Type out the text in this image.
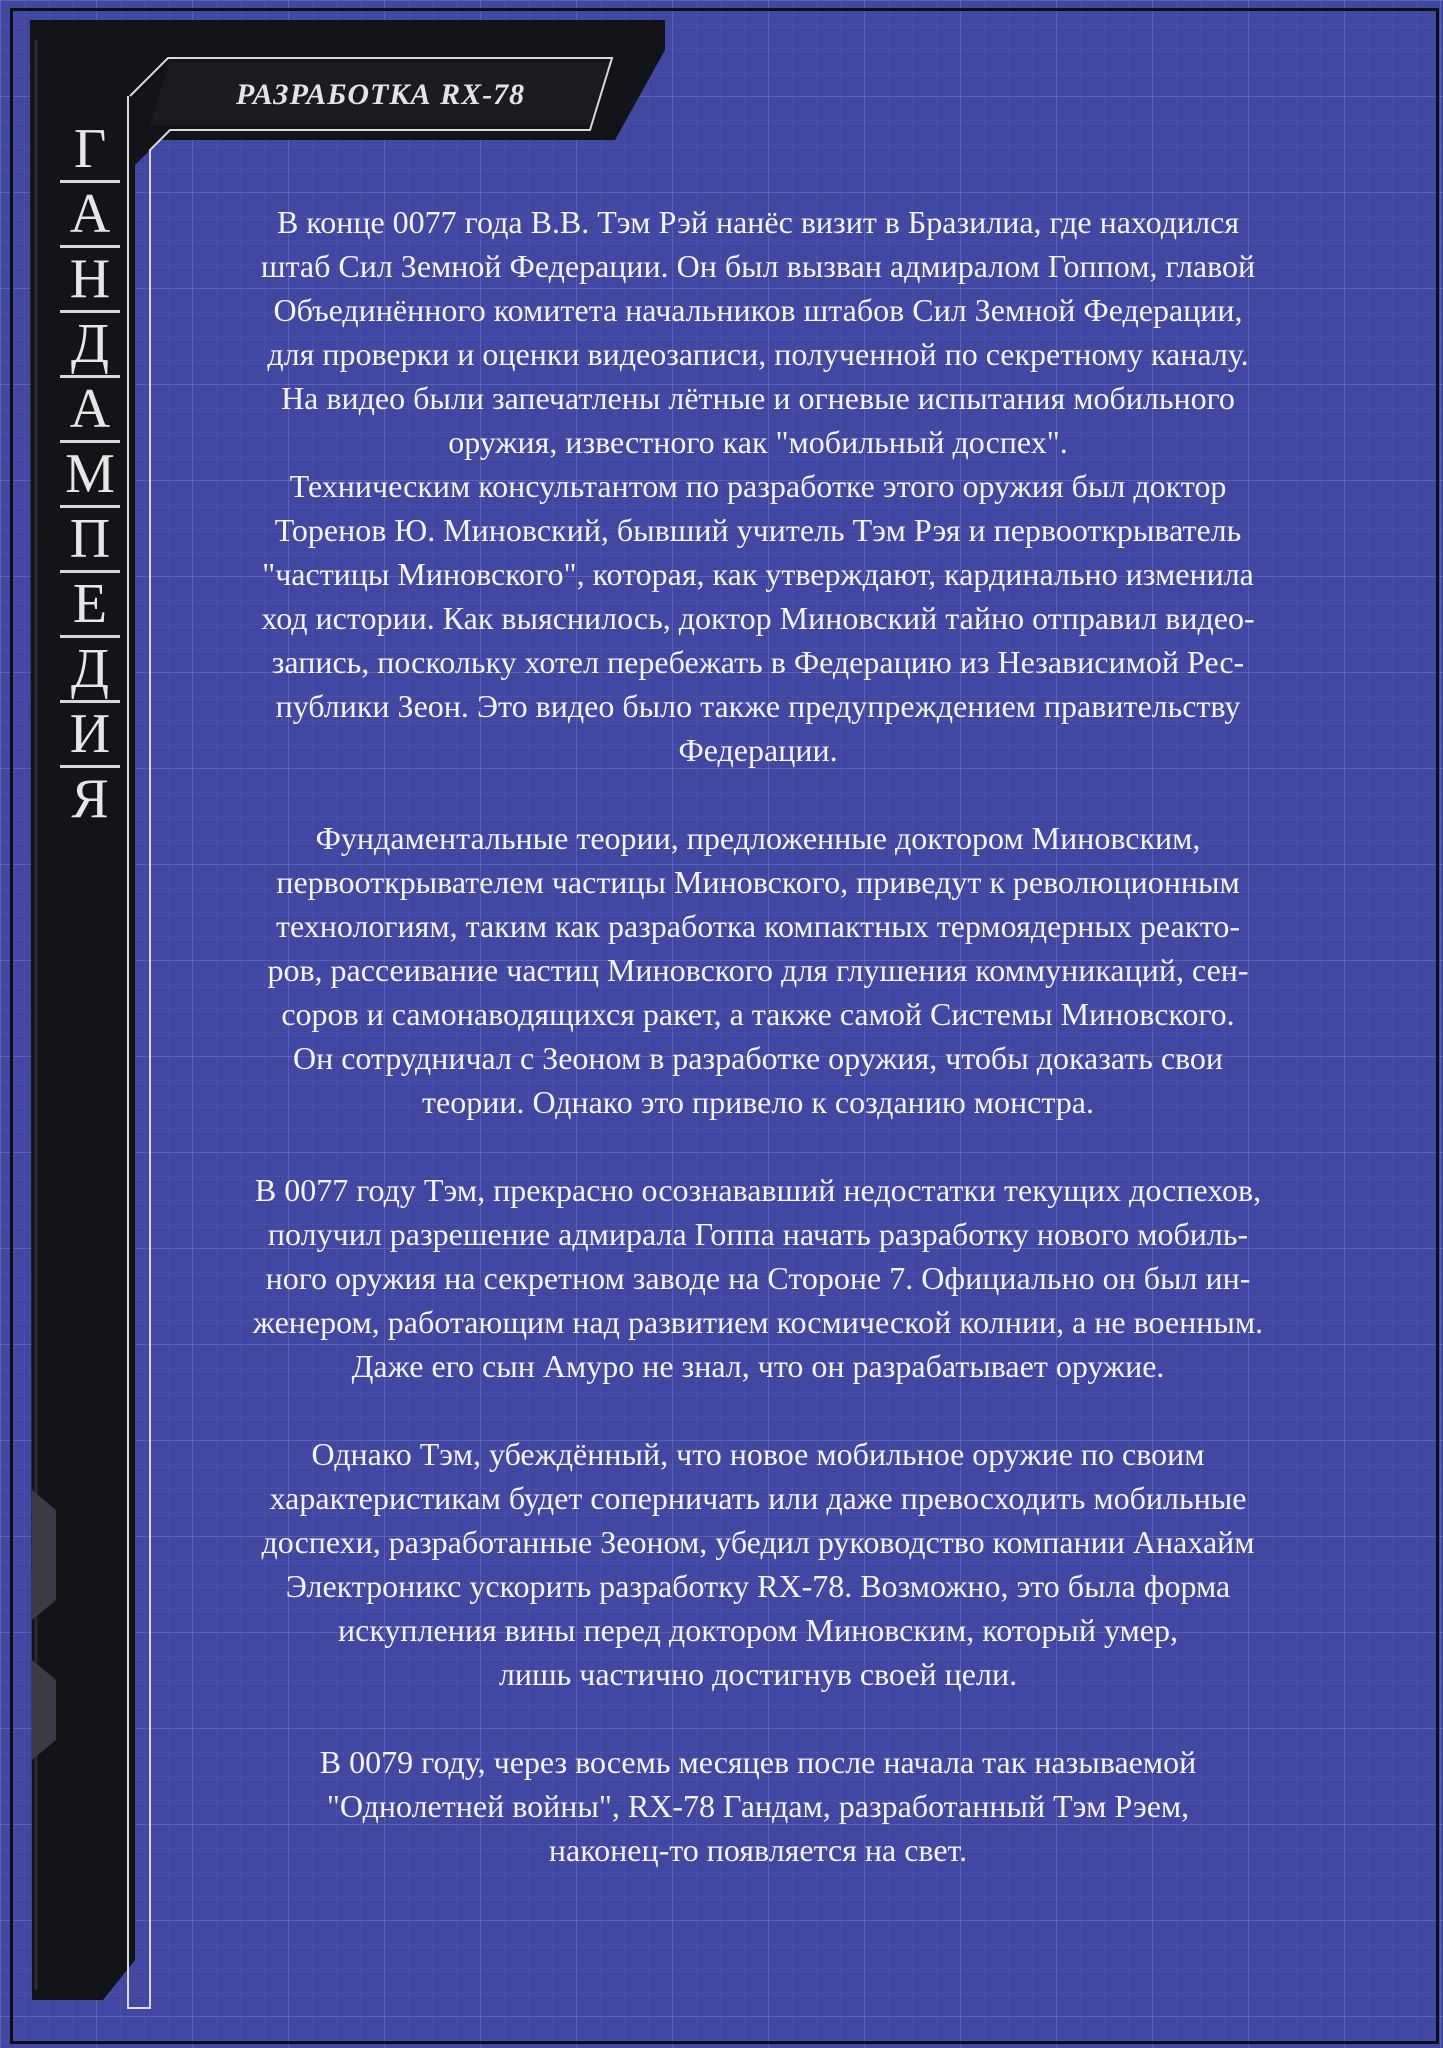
РАЗРАБОТКА RX-78
Г
А
Н
Д
А
М
П
Е
Д
И
Я

В конце 0077 года В.В. Тэм Рэй нанёс визит в Бразилиа, где находился
штаб Сил Земной Федерации. Он был вызван адмиралом Гоппом, главой
Объединённого комитета начальников штабов Сил Земной Федерации,
для проверки и оценки видеозаписи, полученной по секретному каналу.
На видео были запечатлены лётные и огневые испытания мобильного
оружия, известного как "мобильный доспех".
Техническим консультантом по разработке этого оружия был доктор
Торенов Ю. Миновский, бывший учитель Тэм Рэя и первооткрыватель
"частицы Миновского", которая, как утверждают, кардинально изменила
ход истории. Как выяснилось, доктор Миновский тайно отправил видео-
запись, поскольку хотел перебежать в Федерацию из Независимой Рес-
публики Зеон. Это видео было также предупреждением правительству
Федерации.

Фундаментальные теории, предложенные доктором Миновским,
первооткрывателем частицы Миновского, приведут к революционным
технологиям, таким как разработка компактных термоядерных реакто-
ров, рассеивание частиц Миновского для глушения коммуникаций, сен-
соров и самонаводящихся ракет, а также самой Системы Миновского.
Он сотрудничал с Зеоном в разработке оружия, чтобы доказать свои
теории. Однако это привело к созданию монстра.

В 0077 году Тэм, прекрасно осознававший недостатки текущих доспехов,
получил разрешение адмирала Гоппа начать разработку нового мобиль-
ного оружия на секретном заводе на Стороне 7. Официально он был ин-
женером, работающим над развитием космической колнии, а не военным.
Даже его сын Амуро не знал, что он разрабатывает оружие.

Однако Тэм, убеждённый, что новое мобильное оружие по своим
характеристикам будет соперничать или даже превосходить мобильные
доспехи, разработанные Зеоном, убедил руководство компании Анахайм
Электроникс ускорить разработку RX-78. Возможно, это была форма
искупления вины перед доктором Миновским, который умер,
лишь частично достигнув своей цели.

В 0079 году, через восемь месяцев после начала так называемой
"Однолетней войны", RX-78 Гандам, разработанный Тэм Рэем,
наконец-то появляется на свет.
